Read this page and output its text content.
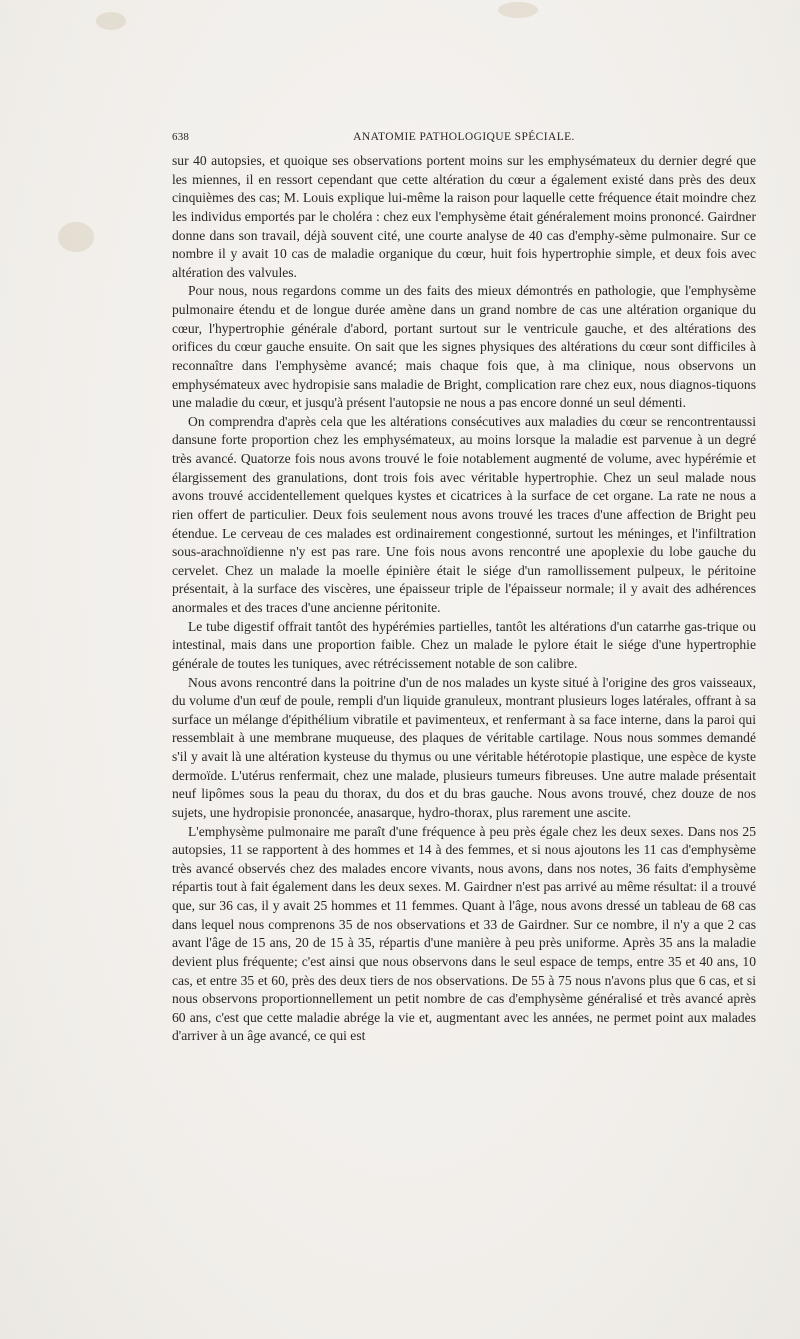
638	ANATOMIE PATHOLOGIQUE SPÉCIALE.

sur 40 autopsies, et quoique ses observations portent moins sur les emphysémateux du dernier degré que les miennes, il en ressort cependant que cette altération du cœur a également existé dans près des deux cinquièmes des cas; M. Louis explique lui-même la raison pour laquelle cette fréquence était moindre chez les individus emportés par le choléra : chez eux l'emphysème était généralement moins prononcé. Gairdner donne dans son travail, déjà souvent cité, une courte analyse de 40 cas d'emphy-sème pulmonaire. Sur ce nombre il y avait 10 cas de maladie organique du cœur, huit fois hypertrophie simple, et deux fois avec altération des valvules.

Pour nous, nous regardons comme un des faits des mieux démontrés en pathologie, que l'emphysème pulmonaire étendu et de longue durée amène dans un grand nombre de cas une altération organique du cœur, l'hypertrophie générale d'abord, portant surtout sur le ventricule gauche, et des altérations des orifices du cœur gauche ensuite. On sait que les signes physiques des altérations du cœur sont difficiles à reconnaître dans l'emphysème avancé; mais chaque fois que, à ma clinique, nous observons un emphysémateux avec hydropisie sans maladie de Bright, complication rare chez eux, nous diagnos-tiquons une maladie du cœur, et jusqu'à présent l'autopsie ne nous a pas encore donné un seul démenti.

On comprendra d'après cela que les altérations consécutives aux maladies du cœur se rencontrentaussi dansune forte proportion chez les emphysémateux, au moins lorsque la maladie est parvenue à un degré très avancé. Quatorze fois nous avons trouvé le foie notablement augmenté de volume, avec hypérémie et élargissement des granulations, dont trois fois avec véritable hypertrophie. Chez un seul malade nous avons trouvé accidentellement quelques kystes et cicatrices à la surface de cet organe. La rate ne nous a rien offert de particulier. Deux fois seulement nous avons trouvé les traces d'une affection de Bright peu étendue. Le cerveau de ces malades est ordinairement congestionné, surtout les méninges, et l'infiltration sous-arachnoïdienne n'y est pas rare. Une fois nous avons rencontré une apoplexie du lobe gauche du cervelet. Chez un malade la moelle épinière était le siége d'un ramollissement pulpeux, le péritoine présentait, à la surface des viscères, une épaisseur triple de l'épaisseur normale; il y avait des adhérences anormales et des traces d'une ancienne péritonite.

Le tube digestif offrait tantôt des hypérémies partielles, tantôt les altérations d'un catarrhe gas-trique ou intestinal, mais dans une proportion faible. Chez un malade le pylore était le siége d'une hypertrophie générale de toutes les tuniques, avec rétrécissement notable de son calibre.

Nous avons rencontré dans la poitrine d'un de nos malades un kyste situé à l'origine des gros vaisseaux, du volume d'un œuf de poule, rempli d'un liquide granuleux, montrant plusieurs loges latérales, offrant à sa surface un mélange d'épithélium vibratile et pavimenteux, et renfermant à sa face interne, dans la paroi qui ressemblait à une membrane muqueuse, des plaques de véritable cartilage. Nous nous sommes demandé s'il y avait là une altération kysteuse du thymus ou une véritable hétérotopie plastique, une espèce de kyste dermoïde. L'utérus renfermait, chez une malade, plusieurs tumeurs fibreuses. Une autre malade présentait neuf lipômes sous la peau du thorax, du dos et du bras gauche. Nous avons trouvé, chez douze de nos sujets, une hydropisie prononcée, anasarque, hydro-thorax, plus rarement une ascite.

L'emphysème pulmonaire me paraît d'une fréquence à peu près égale chez les deux sexes. Dans nos 25 autopsies, 11 se rapportent à des hommes et 14 à des femmes, et si nous ajoutons les 11 cas d'emphysème très avancé observés chez des malades encore vivants, nous avons, dans nos notes, 36 faits d'emphysème répartis tout à fait également dans les deux sexes. M. Gairdner n'est pas arrivé au même résultat: il a trouvé que, sur 36 cas, il y avait 25 hommes et 11 femmes. Quant à l'âge, nous avons dressé un tableau de 68 cas dans lequel nous comprenons 35 de nos observations et 33 de Gairdner. Sur ce nombre, il n'y a que 2 cas avant l'âge de 15 ans, 20 de 15 à 35, répartis d'une manière à peu près uniforme. Après 35 ans la maladie devient plus fréquente; c'est ainsi que nous observons dans le seul espace de temps, entre 35 et 40 ans, 10 cas, et entre 35 et 60, près des deux tiers de nos observations. De 55 à 75 nous n'avons plus que 6 cas, et si nous observons proportionnellement un petit nombre de cas d'emphysème généralisé et très avancé après 60 ans, c'est que cette maladie abrége la vie et, augmentant avec les années, ne permet point aux malades d'arriver à un âge avancé, ce qui est
